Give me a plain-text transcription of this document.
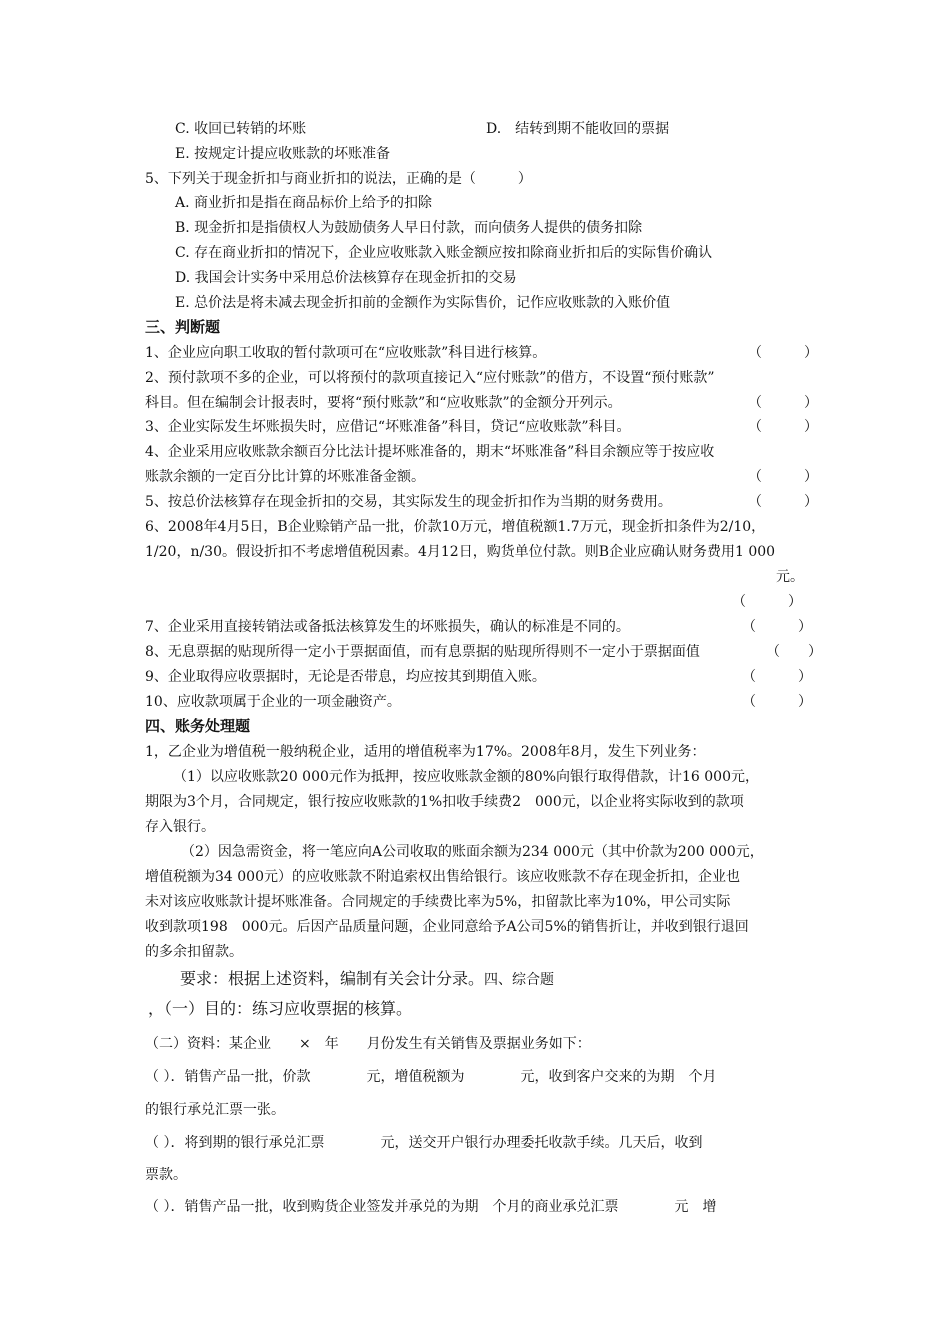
C. 收回已转销的坏账	D.　结转到期不能收回的票据
E. 按规定计提应收账款的坏账准备
5、下列关于现金折扣与商业折扣的说法，正确的是（　　　）
A. 商业折扣是指在商品标价上给予的扣除
B. 现金折扣是指债权人为鼓励债务人早日付款，而向债务人提供的债务扣除
C. 存在商业折扣的情况下，企业应收账款入账金额应按扣除商业折扣后的实际售价确认
D. 我国会计实务中采用总价法核算存在现金折扣的交易
E. 总价法是将未减去现金折扣前的金额作为实际售价，记作应收账款的入账价值
三、判断题
1、企业应向职工收取的暂付款项可在“应收账款”科目进行核算。	（　　　）
2、预付款项不多的企业，可以将预付的款项直接记入“应付账款”的借方，不设置“预付账款”
科目。但在编制会计报表时，要将“预付账款”和“应收账款”的金额分开列示。	（　　　）
3、企业实际发生坏账损失时，应借记“坏账准备”科目，贷记“应收账款”科目。	（　　　）
4、企业采用应收账款余额百分比法计提坏账准备的，期末“坏账准备”科目余额应等于按应收
账款余额的一定百分比计算的坏账准备金额。	（　　　）
5、按总价法核算存在现金折扣的交易，其实际发生的现金折扣作为当期的财务费用。	（　　　）
6、2008年4月5日，B企业赊销产品一批，价款10万元，增值税额1.7万元，现金折扣条件为2/10，
1/20，n/30。假设折扣不考虑增值税因素。4月12日，购货单位付款。则B企业应确认财务费用1 000
元。
（　　　）
7、企业采用直接转销法或备抵法核算发生的坏账损失，确认的标准是不同的。	（　　　）
8、无息票据的贴现所得一定小于票据面值，而有息票据的贴现所得则不一定小于票据面值	（　　）
9、企业取得应收票据时，无论是否带息，均应按其到期值入账。	（　　　）
10、应收款项属于企业的一项金融资产。	（　　　）
四、账务处理题
1，乙企业为增值税一般纳税企业，适用的增值税率为17%。2008年8月，发生下列业务：
（1）以应收账款20 000元作为抵押，按应收账款金额的80%向银行取得借款，计16 000元，
期限为3个月，合同规定，银行按应收账款的1%扣收手续费2　000元，以企业将实际收到的款项
存入银行。
（2）因急需资金，将一笔应向A公司收取的账面余额为234 000元（其中价款为200 000元，
增值税额为34 000元）的应收账款不附追索权出售给银行。该应收账款不存在现金折扣，企业也
未对该应收账款计提坏账准备。合同规定的手续费比率为5%，扣留款比率为10%，甲公司实际
收到款项198　000元。后因产品质量问题，企业同意给予A公司5%的销售折让，并收到银行退回
的多余扣留款。
要求：根据上述资料，编制有关会计分录。四、综合题
，（一）目的：练习应收票据的核算。
（二）资料：某企业　　×　年　　月份发生有关销售及票据业务如下：
（ ）．销售产品一批，价款　　　　元，增值税额为　　　　元，收到客户交来的为期　个月
的银行承兑汇票一张。
（ ）．将到期的银行承兑汇票　　　　元，送交开户银行办理委托收款手续。几天后，收到
票款。
（ ）．销售产品一批，收到购货企业签发并承兑的为期　个月的商业承兑汇票　　　　元　增
